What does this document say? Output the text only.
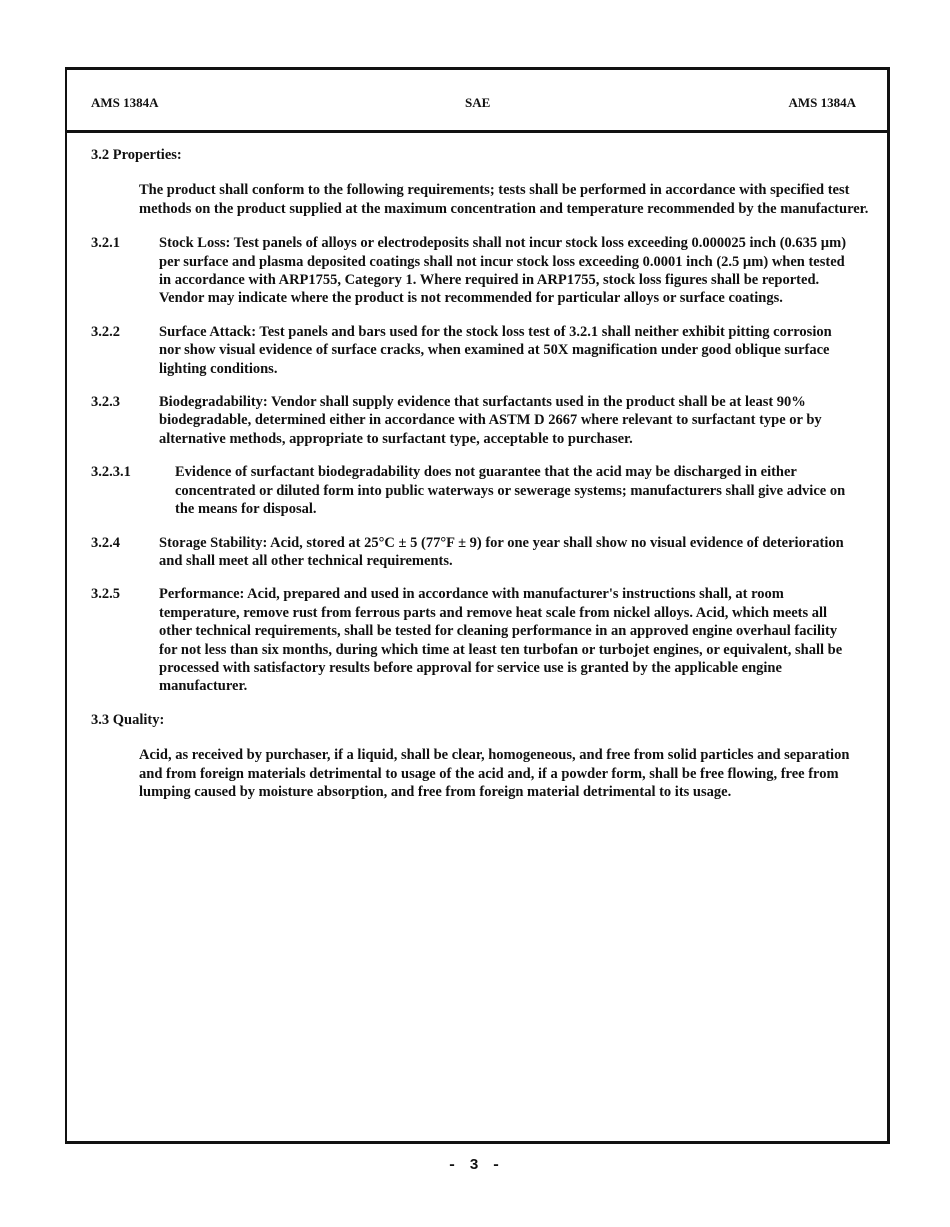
AMS 1384A	SAE	AMS 1384A
3.2 Properties:
The product shall conform to the following requirements; tests shall be performed in accordance with specified test methods on the product supplied at the maximum concentration and temperature recommended by the manufacturer.
3.2.1	Stock Loss: Test panels of alloys or electrodeposits shall not incur stock loss exceeding 0.000025 inch (0.635 µm) per surface and plasma deposited coatings shall not incur stock loss exceeding 0.0001 inch (2.5 µm) when tested in accordance with ARP1755, Category 1. Where required in ARP1755, stock loss figures shall be reported. Vendor may indicate where the product is not recommended for particular alloys or surface coatings.
3.2.2	Surface Attack: Test panels and bars used for the stock loss test of 3.2.1 shall neither exhibit pitting corrosion nor show visual evidence of surface cracks, when examined at 50X magnification under good oblique surface lighting conditions.
3.2.3	Biodegradability: Vendor shall supply evidence that surfactants used in the product shall be at least 90% biodegradable, determined either in accordance with ASTM D 2667 where relevant to surfactant type or by alternative methods, appropriate to surfactant type, acceptable to purchaser.
3.2.3.1	Evidence of surfactant biodegradability does not guarantee that the acid may be discharged in either concentrated or diluted form into public waterways or sewerage systems; manufacturers shall give advice on the means for disposal.
3.2.4	Storage Stability: Acid, stored at 25°C ± 5 (77°F ± 9) for one year shall show no visual evidence of deterioration and shall meet all other technical requirements.
3.2.5	Performance: Acid, prepared and used in accordance with manufacturer's instructions shall, at room temperature, remove rust from ferrous parts and remove heat scale from nickel alloys. Acid, which meets all other technical requirements, shall be tested for cleaning performance in an approved engine overhaul facility for not less than six months, during which time at least ten turbofan or turbojet engines, or equivalent, shall be processed with satisfactory results before approval for service use is granted by the applicable engine manufacturer.
3.3 Quality:
Acid, as received by purchaser, if a liquid, shall be clear, homogeneous, and free from solid particles and separation and from foreign materials detrimental to usage of the acid and, if a powder form, shall be free flowing, free from lumping caused by moisture absorption, and free from foreign material detrimental to its usage.
- 3 -
